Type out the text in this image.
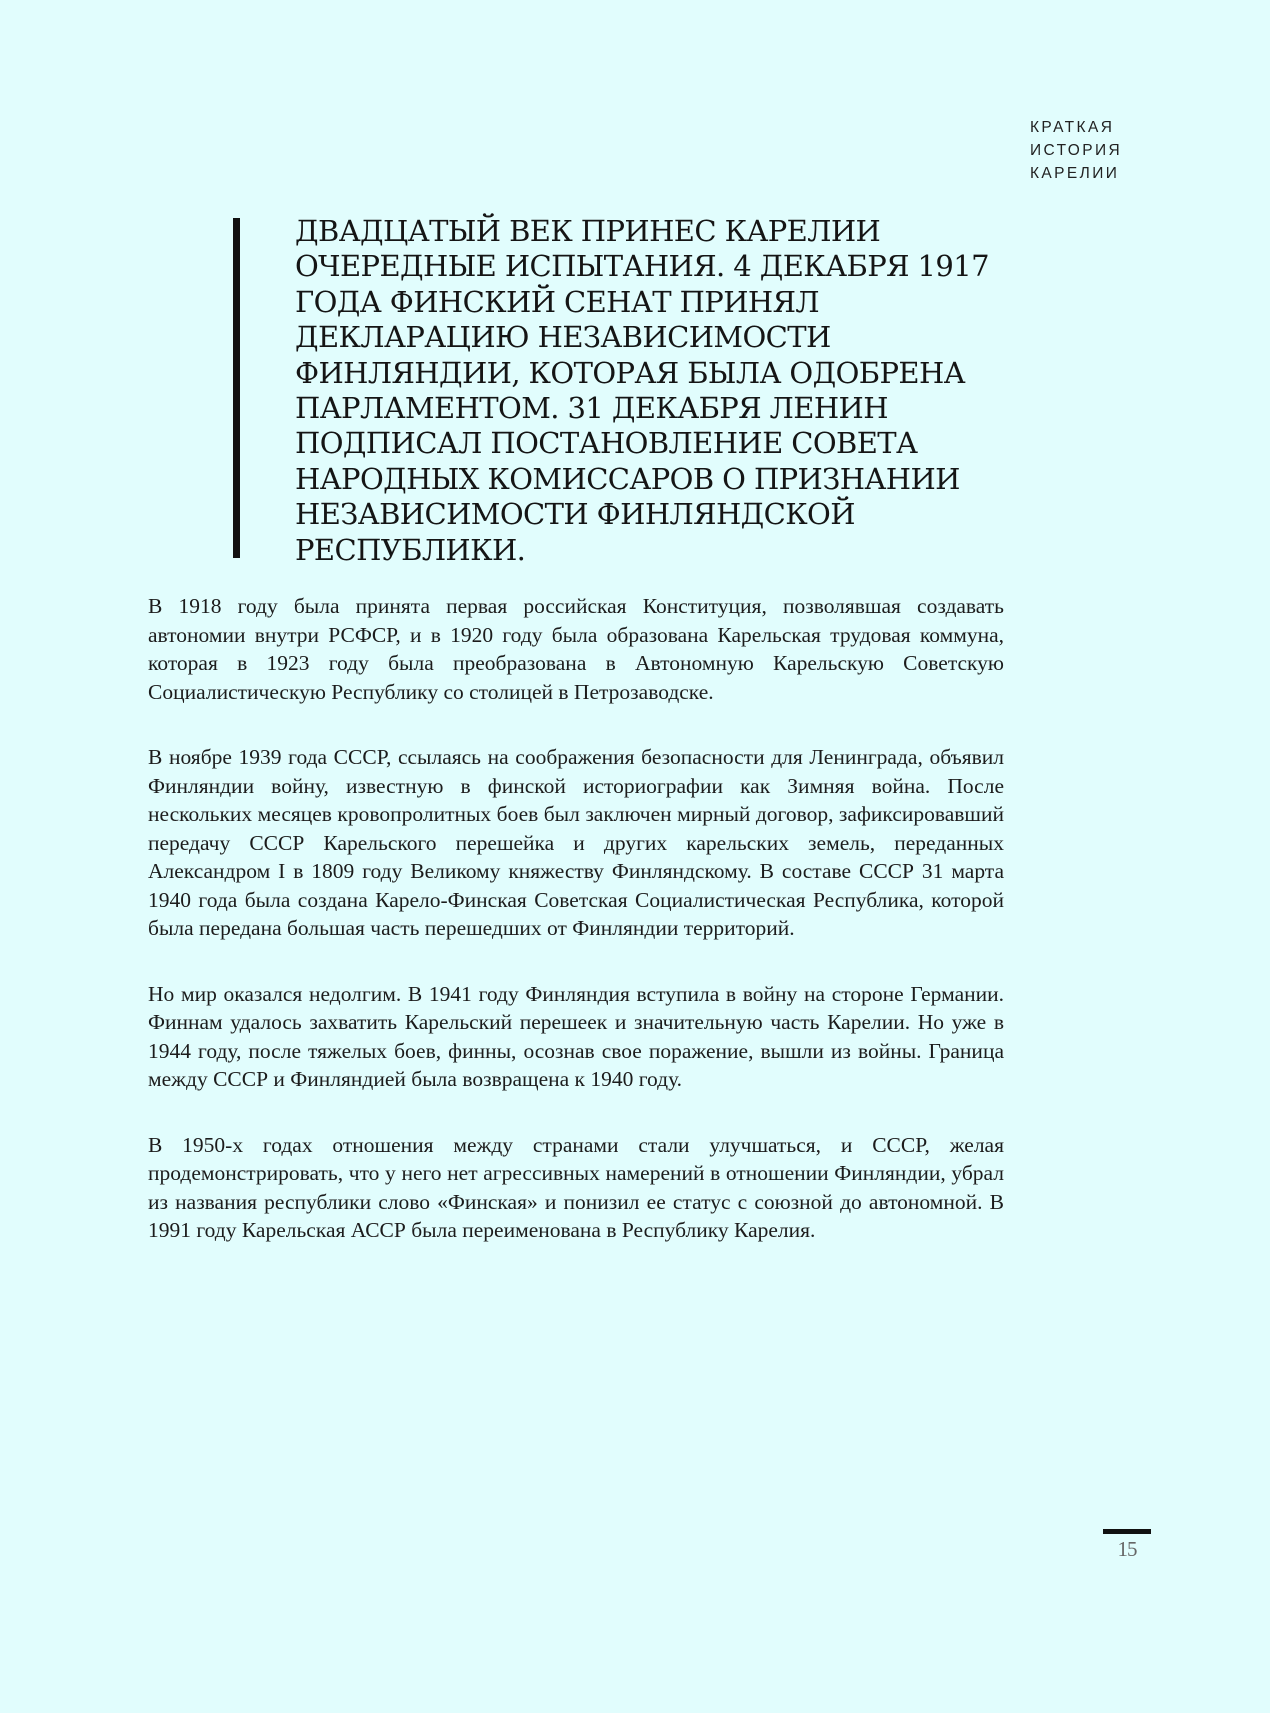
КРАТКАЯ
ИСТОРИЯ
КАРЕЛИИ
ДВАДЦАТЫЙ ВЕК ПРИНЕС КАРЕЛИИ ОЧЕРЕДНЫЕ ИСПЫТАНИЯ. 4 ДЕКАБРЯ 1917 ГОДА ФИНСКИЙ СЕНАТ ПРИНЯЛ ДЕКЛАРАЦИЮ НЕЗАВИСИМОСТИ ФИНЛЯНДИИ, КОТОРАЯ БЫЛА ОДОБРЕНА ПАРЛАМЕНТОМ. 31 ДЕКАБРЯ ЛЕНИН ПОДПИСАЛ ПОСТАНОВЛЕНИЕ СОВЕТА НАРОДНЫХ КОМИССАРОВ О ПРИЗНАНИИ НЕЗАВИСИМОСТИ ФИНЛЯНДСКОЙ РЕСПУБЛИКИ.

В 1918 году была принята первая российская Конституция, позволявшая создавать автономии внутри РСФСР, и в 1920 году была образована Карельская трудовая коммуна, которая в 1923 году была преобразована в Автономную Карельскую Советскую Социалистическую Республику со столицей в Петрозаводске.

В ноябре 1939 года СССР, ссылаясь на соображения безопасности для Ленинграда, объявил Финляндии войну, известную в финской историографии как Зимняя война. После нескольких месяцев кровопролитных боев был заключен мирный договор, зафиксировавший передачу СССР Карельского перешейка и других карельских земель, переданных Александром I в 1809 году Великому княжеству Финляндскому. В составе СССР 31 марта 1940 года была создана Карело-Финская Советская Социалистическая Республика, которой была передана большая часть перешедших от Финляндии территорий.

Но мир оказался недолгим. В 1941 году Финляндия вступила в войну на стороне Германии. Финнам удалось захватить Карельский перешеек и значительную часть Карелии. Но уже в 1944 году, после тяжелых боев, финны, осознав свое поражение, вышли из войны. Граница между СССР и Финляндией была возвращена к 1940 году.

В 1950-х годах отношения между странами стали улучшаться, и СССР, желая продемонстрировать, что у него нет агрессивных намерений в отношении Финляндии, убрал из названия республики слово «Финская» и понизил ее статус с союзной до автономной. В 1991 году Карельская АССР была переименована в Республику Карелия.

15
